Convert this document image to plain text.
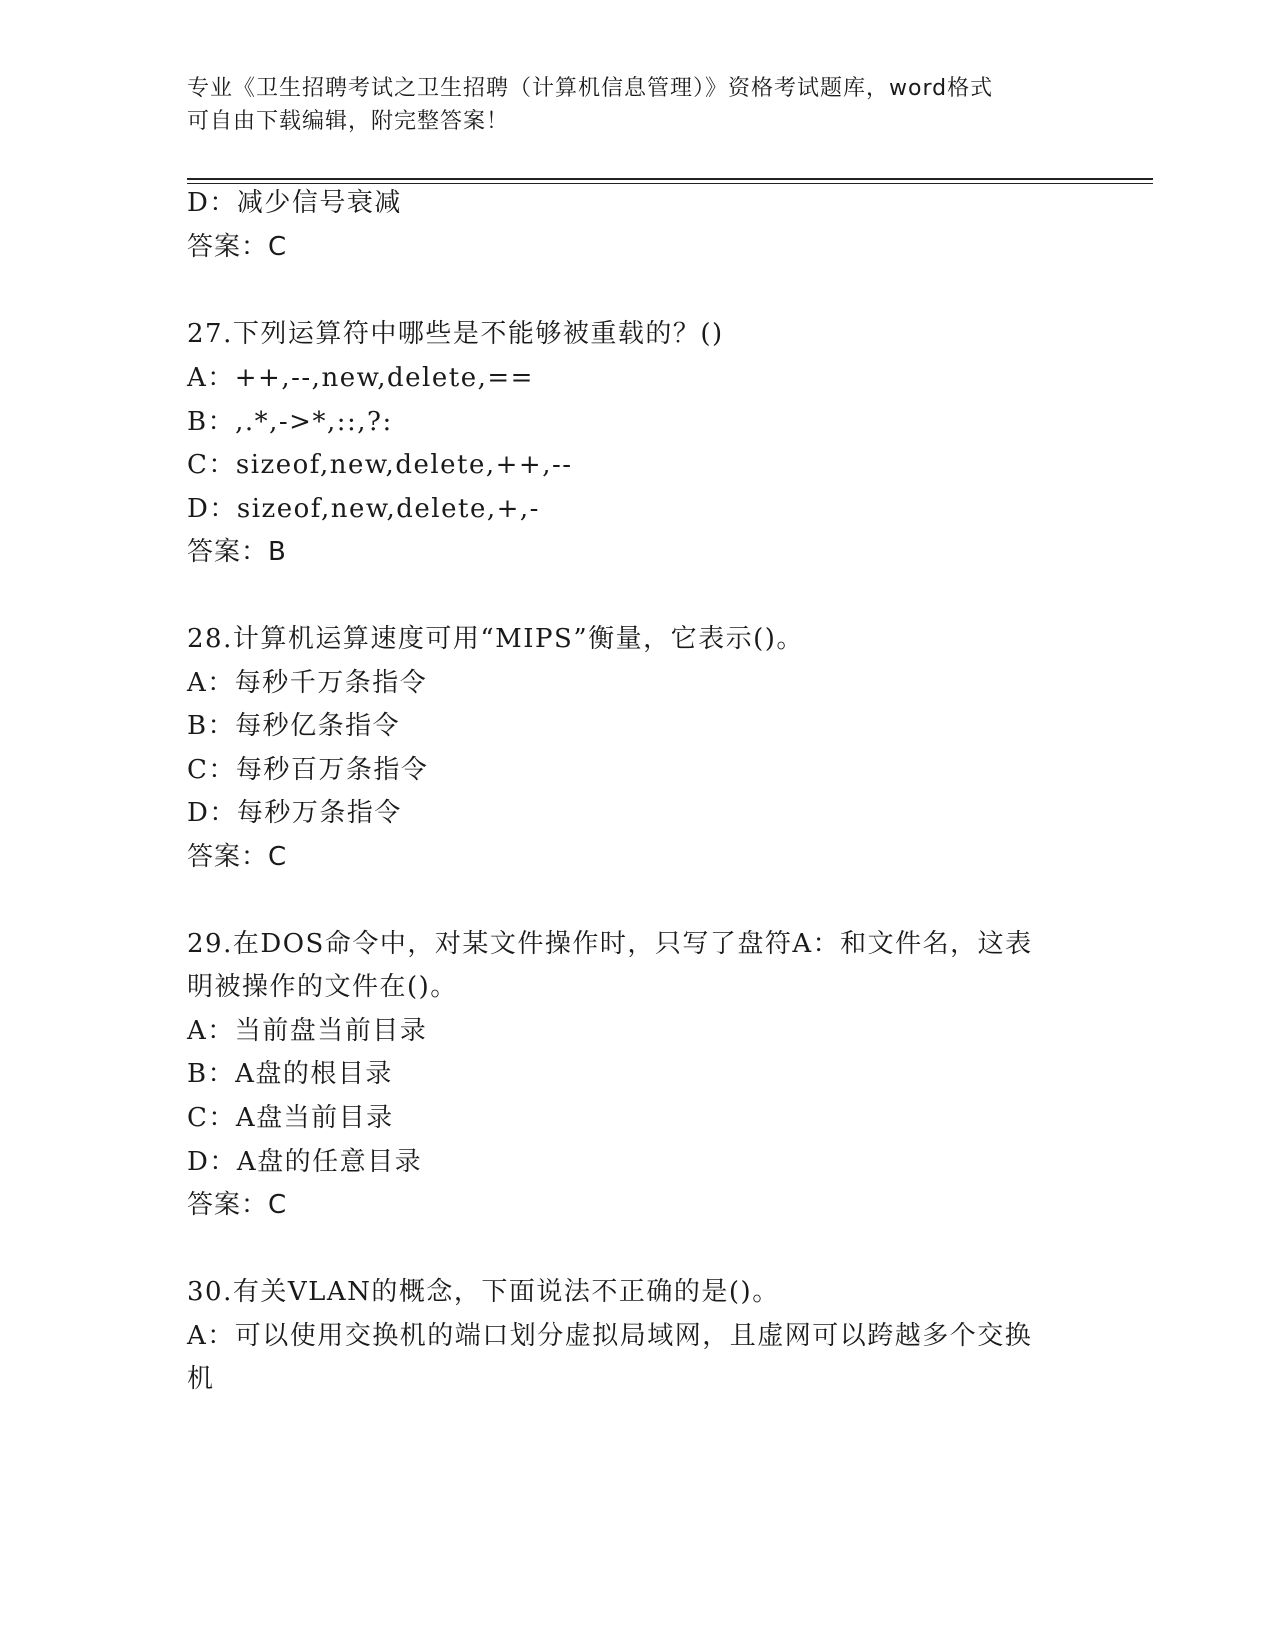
专业《卫生招聘考试之卫生招聘（计算机信息管理）》资格考试题库，word格式
可自由下载编辑，附完整答案！
D：减少信号衰减
答案：C
27.下列运算符中哪些是不能够被重载的？()
A：++,--,new,delete,==
B：,.*,->*,::,?:
C：sizeof,new,delete,++,--
D：sizeof,new,delete,+,-
答案：B
28.计算机运算速度可用“MIPS”衡量，它表示()。
A：每秒千万条指令
B：每秒亿条指令
C：每秒百万条指令
D：每秒万条指令
答案：C
29.在DOS命令中，对某文件操作时，只写了盘符A：和文件名，这表
明被操作的文件在()。
A：当前盘当前目录
B：A盘的根目录
C：A盘当前目录
D：A盘的任意目录
答案：C
30.有关VLAN的概念，下面说法不正确的是()。
A：可以使用交换机的端口划分虚拟局域网，且虚网可以跨越多个交换
机
